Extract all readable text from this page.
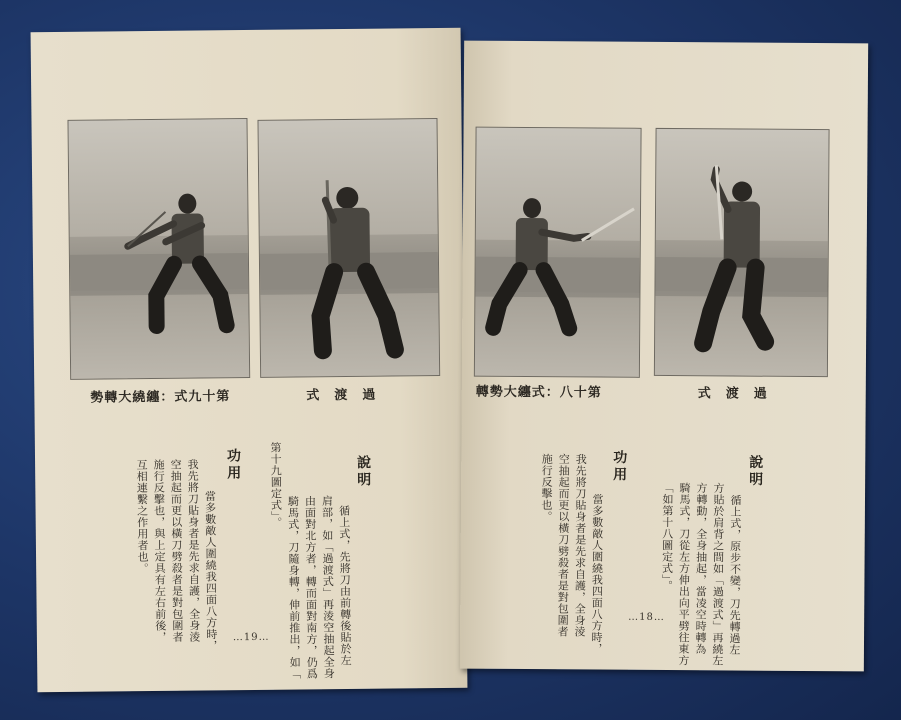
勢轉大繞纏：式九十第	式　渡　過
說明
循上式，先將刀由前轉後貼於左
肩部，如「過渡式」再淩空抽起全身
由面對北方者，轉而面對南方，仍爲
騎馬式，刀隨身轉，伸前推出，如「
第十九圖定式」。
功用
當多數敵人圍繞我四面八方時，
我先將刀貼身者是先求自護，全身淩
空抽起而更以橫刀劈殺者是對包圍者
施行反擊也，與上定具有左右前後，
互相連繫之作用者也。
…19…
轉勢大纏式：八十第	式　渡　過
說明
循上式，原步不變，刀先轉過左
方貼於肩背之間如「過渡式」再繞左
方轉動，全身抽起，當凌空時轉為
騎馬式，刀從左方伸出向平劈往東方
「如第十八圖定式」。
功用
當多數敵人圍繞我四面八方時，
我先將刀貼身者是先求自護，全身淩
空抽起而更以橫刀劈殺者是對包圍者
施行反擊也。
…18…
